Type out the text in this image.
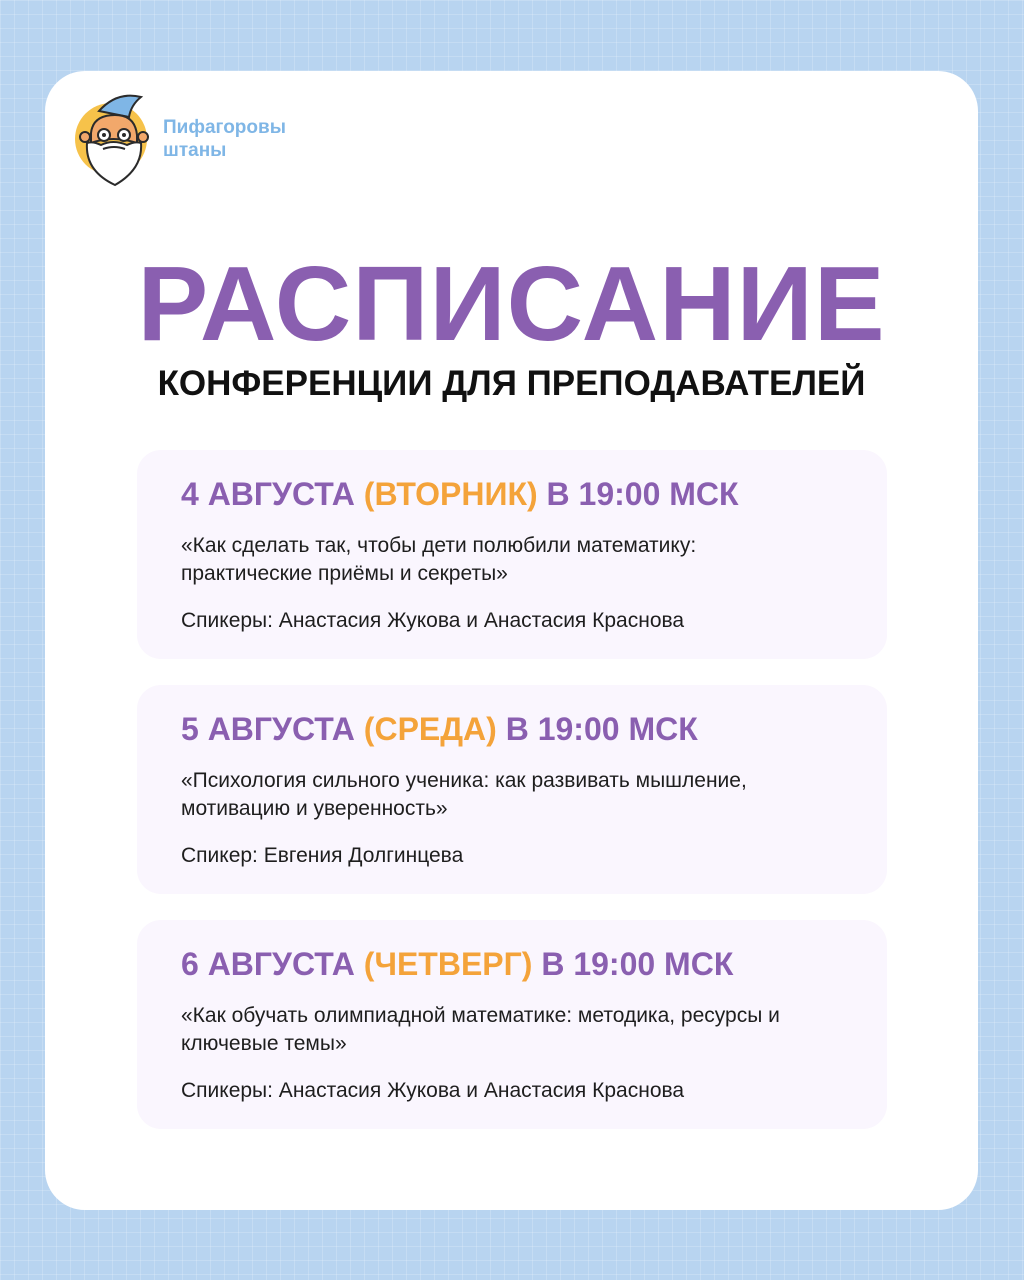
Пифагоровы
штаны
РАСПИСАНИЕ
КОНФЕРЕНЦИИ ДЛЯ ПРЕПОДАВАТЕЛЕЙ
4 АВГУСТА (ВТОРНИК) В 19:00 МСК
«Как сделать так, чтобы дети полюбили математику: практические приёмы и секреты»
Спикеры: Анастасия Жукова и Анастасия Краснова
5 АВГУСТА (СРЕДА) В 19:00 МСК
«Психология сильного ученика: как развивать мышление, мотивацию и уверенность»
Спикер: Евгения Долгинцева
6 АВГУСТА (ЧЕТВЕРГ) В 19:00 МСК
«Как обучать олимпиадной математике: методика, ресурсы и ключевые темы»
Спикеры: Анастасия Жукова и Анастасия Краснова
